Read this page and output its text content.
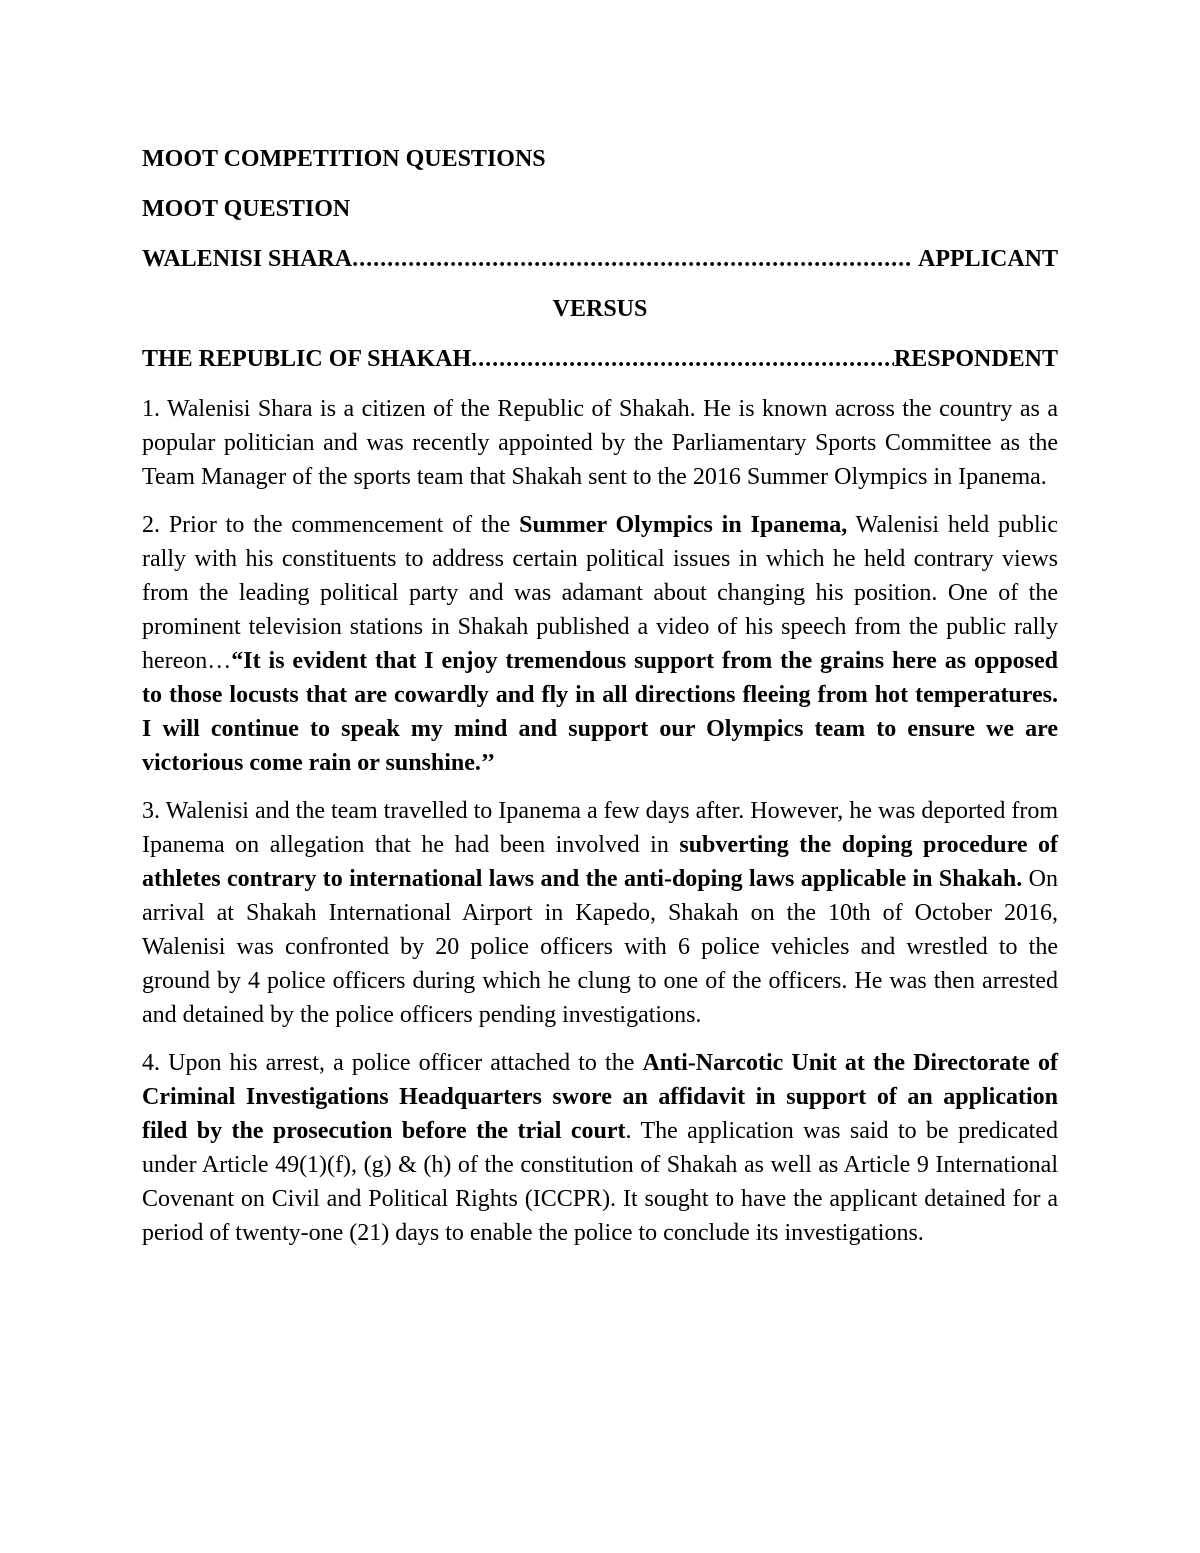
MOOT COMPETITION QUESTIONS

MOOT QUESTION

WALENISI SHARA .....	APPLICANT

VERSUS

THE REPUBLIC OF SHAKAH .....	RESPONDENT

1. Walenisi Shara is a citizen of the Republic of Shakah. He is known across the country as a popular politician and was recently appointed by the Parliamentary Sports Committee as the Team Manager of the sports team that Shakah sent to the 2016 Summer Olympics in Ipanema.

2. Prior to the commencement of the Summer Olympics in Ipanema, Walenisi held public rally with his constituents to address certain political issues in which he held contrary views from the leading political party and was adamant about changing his position. One of the prominent television stations in Shakah published a video of his speech from the public rally hereon…“It is evident that I enjoy tremendous support from the grains here as opposed to those locusts that are cowardly and fly in all directions fleeing from hot temperatures. I will continue to speak my mind and support our Olympics team to ensure we are victorious come rain or sunshine.’’

3. Walenisi and the team travelled to Ipanema a few days after. However, he was deported from Ipanema on allegation that he had been involved in subverting the doping procedure of athletes contrary to international laws and the anti-doping laws applicable in Shakah. On arrival at Shakah International Airport in Kapedo, Shakah on the 10th of October 2016, Walenisi was confronted by 20 police officers with 6 police vehicles and wrestled to the ground by 4 police officers during which he clung to one of the officers. He was then arrested and detained by the police officers pending investigations.

4. Upon his arrest, a police officer attached to the Anti-Narcotic Unit at the Directorate of Criminal Investigations Headquarters swore an affidavit in support of an application filed by the prosecution before the trial court. The application was said to be predicated under Article 49(1)(f), (g) & (h) of the constitution of Shakah as well as Article 9 International Covenant on Civil and Political Rights (ICCPR). It sought to have the applicant detained for a period of twenty-one (21) days to enable the police to conclude its investigations.
